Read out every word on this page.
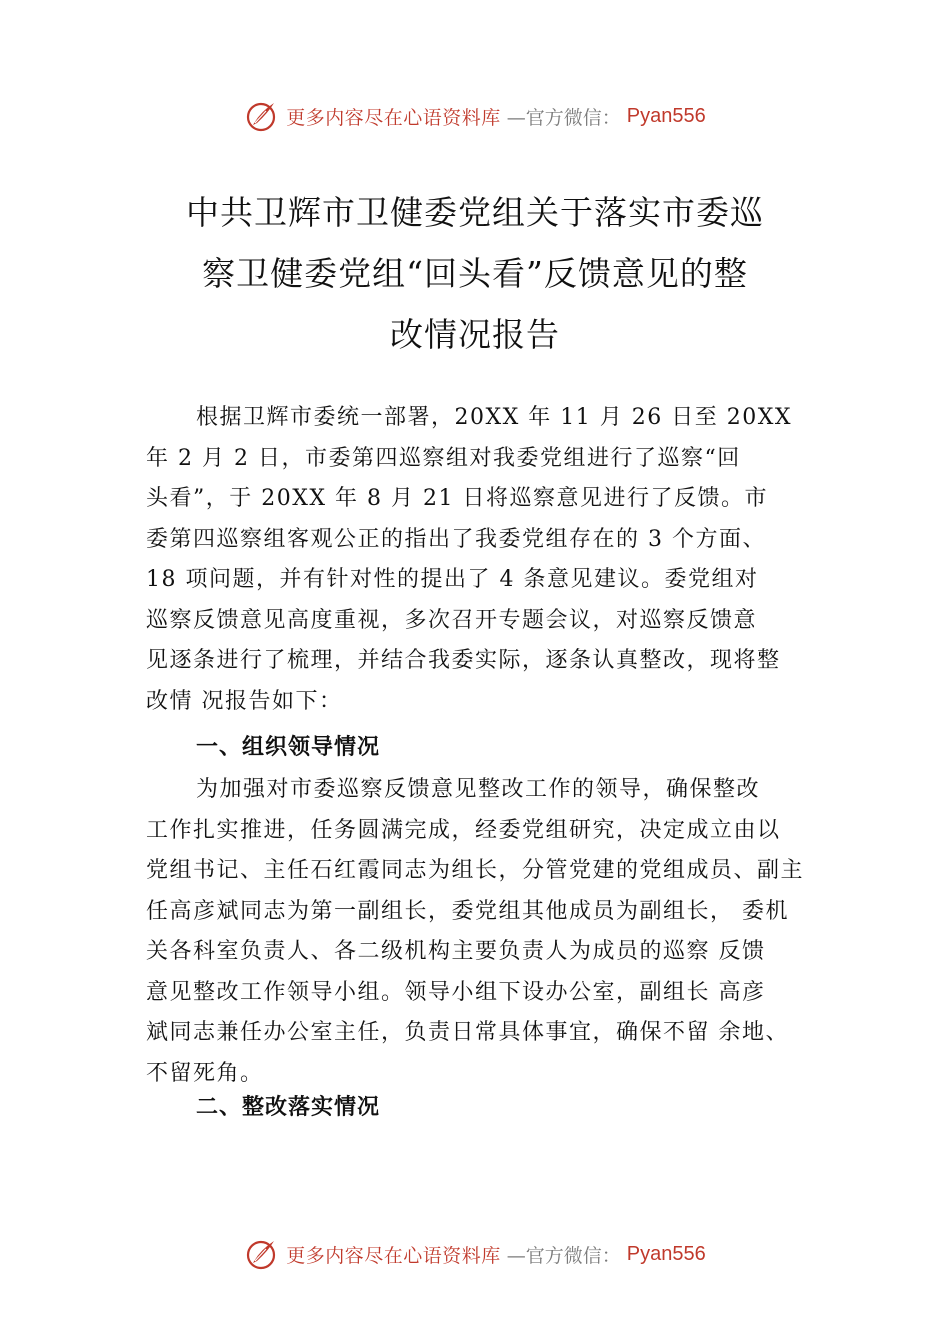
更多内容尽在心语资料库 —官方微信： Pyan556
中共卫辉市卫健委党组关于落实市委巡
察卫健委党组“回头看”反馈意见的整
改情况报告
根据卫辉市委统一部署，20XX 年 11 月 26 日至 20XX
年 2 月 2 日，市委第四巡察组对我委党组进行了巡察“回
头看”，于 20XX 年 8 月 21 日将巡察意见进行了反馈。市
委第四巡察组客观公正的指出了我委党组存在的 3 个方面、
18 项问题，并有针对性的提出了 4 条意见建议。委党组对
巡察反馈意见高度重视，多次召开专题会议，对巡察反馈意
见逐条进行了梳理，并结合我委实际，逐条认真整改，现将整
改情 况报告如下：
一、组织领导情况
为加强对市委巡察反馈意见整改工作的领导，确保整改
工作扎实推进，任务圆满完成，经委党组研究，决定成立由以
党组书记、主任石红霞同志为组长，分管党建的党组成员、副主
任高彦斌同志为第一副组长，委党组其他成员为副组长， 委机
关各科室负责人、各二级机构主要负责人为成员的巡察 反馈
意见整改工作领导小组。领导小组下设办公室，副组长 高彦
斌同志兼任办公室主任，负责日常具体事宜，确保不留 余地、
不留死角。
二、整改落实情况
更多内容尽在心语资料库 —官方微信： Pyan556
